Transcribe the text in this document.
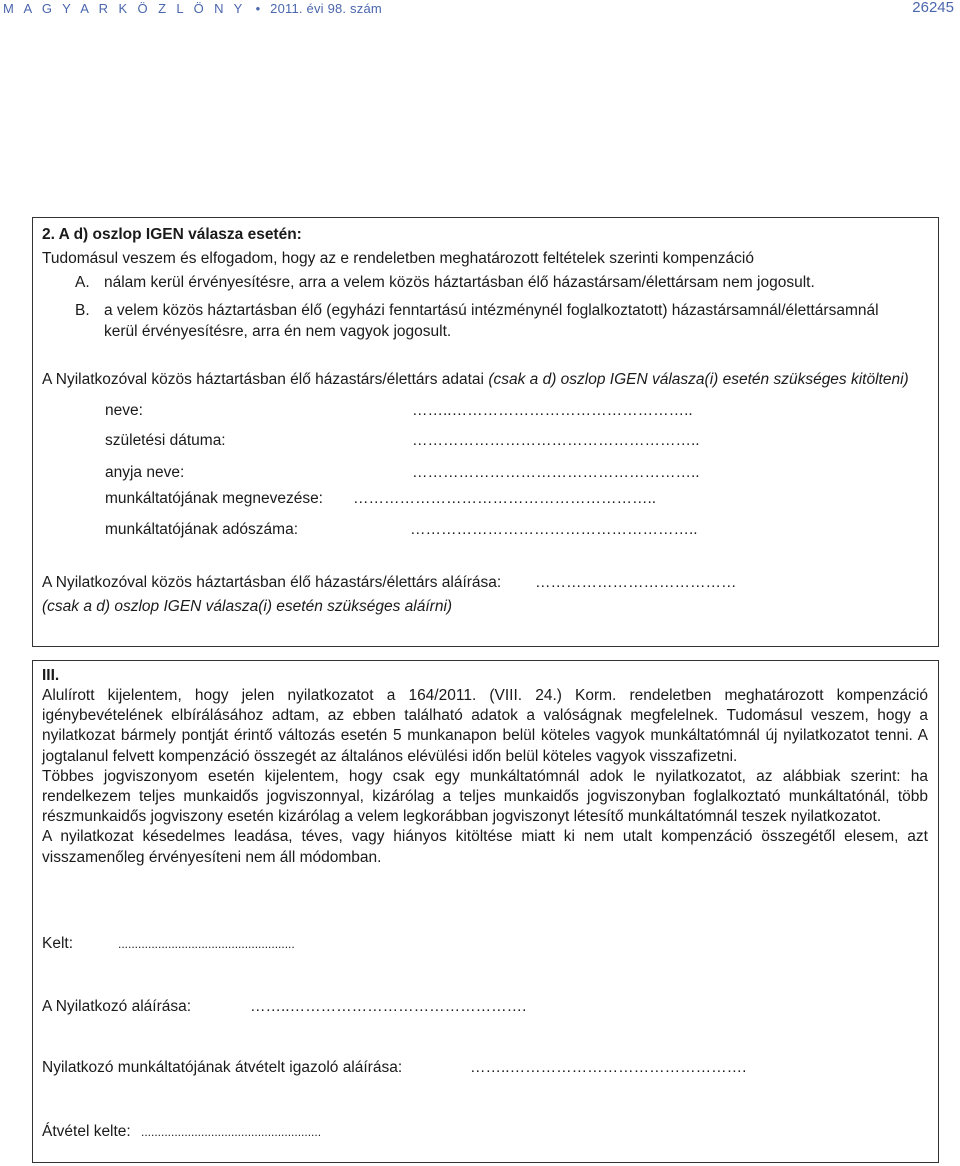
M A G Y A R K Ö Z L Ö N Y • 2011. évi 98. szám	26245
2. A d) oszlop IGEN válasza esetén:
Tudomásul veszem és elfogadom, hogy az e rendeletben meghatározott feltételek szerinti kompenzáció
A. nálam kerül érvényesítésre, arra a velem közös háztartásban élő házastársam/élettársam nem jogosult.
B. a velem közös háztartásban élő (egyházi fenntartású intézménynél foglalkoztatott) házastársamnál/élettársamnál
kerül érvényesítésre, arra én nem vagyok jogosult.
A Nyilatkozóval közös háztartásban élő házastárs/élettárs adatai (csak a d) oszlop IGEN válasza(i) esetén szükséges kitölteni)
neve:	……..………………………………………..
születési dátuma:	………………………………………………..
anyja neve:	………………………………………………..
munkáltatójának megnevezése: …………………………………………………..
munkáltatójának adószáma:	………………………………………………..
A Nyilatkozóval közös háztartásban élő házastárs/élettárs aláírása: …………………………………
(csak a d) oszlop IGEN válasza(i) esetén szükséges aláírni)
III.

Alulírott kijelentem, hogy jelen nyilatkozatot a 164/2011. (VIII. 24.) Korm. rendeletben meghatározott kompenzáció igénybevételének elbírálásához adtam, az ebben található adatok a valóságnak megfelelnek. Tudomásul veszem, hogy a nyilatkozat bármely pontját érintő változás esetén 5 munkanapon belül köteles vagyok munkáltatómnál új nyilatkozatot tenni. A jogtalanul felvett kompenzáció összegét az általános elévülési időn belül köteles vagyok visszafizetni.

Többes jogviszonyom esetén kijelentem, hogy csak egy munkáltatómnál adok le nyilatkozatot, az alábbiak szerint: ha rendelkezem teljes munkaidős jogviszonnyal, kizárólag a teljes munkaidős jogviszonyban foglalkoztató munkáltatónál, több részmunkaidős jogviszony esetén kizárólag a velem legkorábban jogviszonyt létesítő munkáltatómnál teszek nyilatkozatot.

A nyilatkozat késedelmes leadása, téves, vagy hiányos kitöltése miatt ki nem utalt kompenzáció összegétől elesem, azt visszamenőleg érvényesíteni nem áll módomban.

Kelt:	.....................................................
A Nyilatkozó aláírása:	……..……………………………………….
Nyilatkozó munkáltatójának átvételt igazoló aláírása:	……..……………………………………….
Átvétel kelte: ......................................................
